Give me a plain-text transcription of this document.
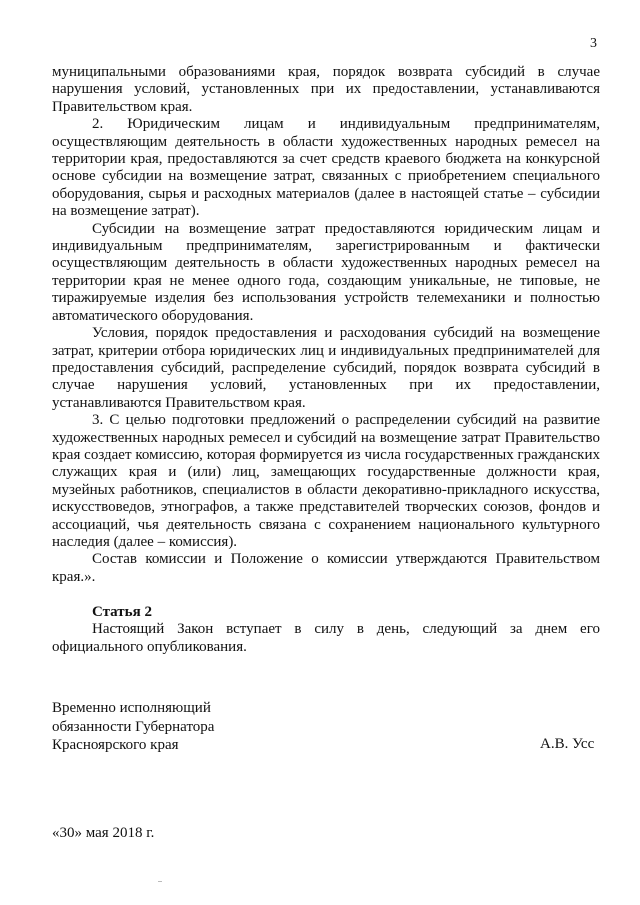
3

муниципальными образованиями края, порядок возврата субсидий в случае нарушения условий, установленных при их предоставлении, устанавливаются Правительством края.

2. Юридическим лицам и индивидуальным предпринимателям, осуществляющим деятельность в области художественных народных ремесел на территории края, предоставляются за счет средств краевого бюджета на конкурсной основе субсидии на возмещение затрат, связанных с приобретением специального оборудования, сырья и расходных материалов (далее в настоящей статье – субсидии на возмещение затрат).

Субсидии на возмещение затрат предоставляются юридическим лицам и индивидуальным предпринимателям, зарегистрированным и фактически осуществляющим деятельность в области художественных народных ремесел на территории края не менее одного года, создающим уникальные, не типовые, не тиражируемые изделия без использования устройств телемеханики и полностью автоматического оборудования.

Условия, порядок предоставления и расходования субсидий на возмещение затрат, критерии отбора юридических лиц и индивидуальных предпринимателей для предоставления субсидий, распределение субсидий, порядок возврата субсидий в случае нарушения условий, установленных при их предоставлении, устанавливаются Правительством края.

3. С целью подготовки предложений о распределении субсидий на развитие художественных народных ремесел и субсидий на возмещение затрат Правительство края создает комиссию, которая формируется из числа государственных гражданских служащих края и (или) лиц, замещающих государственные должности края, музейных работников, специалистов в области декоративно-прикладного искусства, искусствоведов, этнографов, а также представителей творческих союзов, фондов и ассоциаций, чья деятельность связана с сохранением национального культурного наследия (далее – комиссия).

Состав комиссии и Положение о комиссии утверждаются Правительством края.».

Статья 2

Настоящий Закон вступает в силу в день, следующий за днем его официального опубликования.

Временно исполняющий
обязанности Губернатора
Красноярского края	А.В. Усс
«30» мая 2018 г.
